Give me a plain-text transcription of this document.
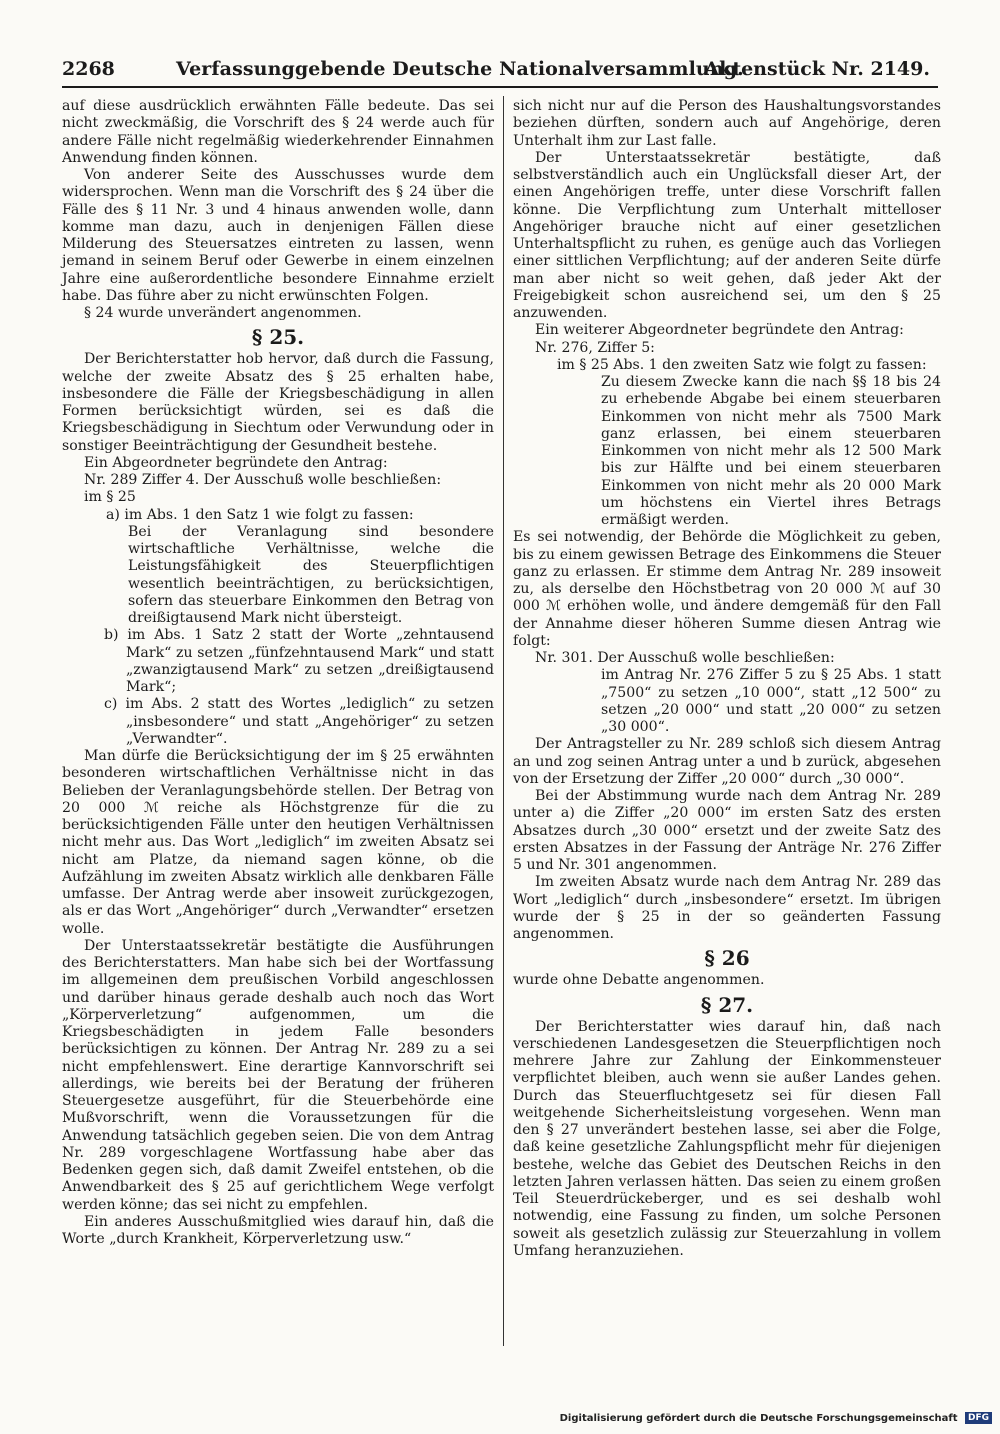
2268	Verfassunggebende Deutsche Nationalversammlung.
Aktenstück Nr. 2149.

auf diese ausdrücklich erwähnten Fälle bedeute. Das sei nicht zweckmäßig, die Vorschrift des § 24 werde auch für andere Fälle nicht regelmäßig wiederkehrender Einnahmen Anwendung finden können.

Von anderer Seite des Ausschusses wurde dem widersprochen. Wenn man die Vorschrift des § 24 über die Fälle des § 11 Nr. 3 und 4 hinaus anwenden wolle, dann komme man dazu, auch in denjenigen Fällen diese Milderung des Steuersatzes eintreten zu lassen, wenn jemand in seinem Beruf oder Gewerbe in einem einzelnen Jahre eine außerordentliche besondere Einnahme erzielt habe. Das führe aber zu nicht erwünschten Folgen.

§ 24 wurde unverändert angenommen.

§ 25.

Der Berichterstatter hob hervor, daß durch die Fassung, welche der zweite Absatz des § 25 erhalten habe, insbesondere die Fälle der Kriegsbeschädigung in allen Formen berücksichtigt würden, sei es daß die Kriegsbeschädigung in Siechtum oder Verwundung oder in sonstiger Beeinträchtigung der Gesundheit bestehe.

Ein Abgeordneter begründete den Antrag:

Nr. 289 Ziffer 4. Der Ausschuß wolle beschließen:

im § 25

a) im Abs. 1 den Satz 1 wie folgt zu fassen:

Bei der Veranlagung sind besondere wirtschaftliche Verhältnisse, welche die Leistungsfähigkeit des Steuerpflichtigen wesentlich beeinträchtigen, zu berücksichtigen, sofern das steuerbare Einkommen den Betrag von dreißigtausend Mark nicht übersteigt.

b) im Abs. 1 Satz 2 statt der Worte „zehntausend Mark“ zu setzen „fünfzehntausend Mark“ und statt „zwanzigtausend Mark“ zu setzen „dreißigtausend Mark“;

c) im Abs. 2 statt des Wortes „lediglich“ zu setzen „insbesondere“ und statt „Angehöriger“ zu setzen „Verwandter“.

Man dürfe die Berücksichtigung der im § 25 erwähnten besonderen wirtschaftlichen Verhältnisse nicht in das Belieben der Veranlagungsbehörde stellen. Der Betrag von 20 000 ℳ reiche als Höchstgrenze für die zu berücksichtigenden Fälle unter den heutigen Verhältnissen nicht mehr aus. Das Wort „lediglich“ im zweiten Absatz sei nicht am Platze, da niemand sagen könne, ob die Aufzählung im zweiten Absatz wirklich alle denkbaren Fälle umfasse. Der Antrag werde aber insoweit zurückgezogen, als er das Wort „Angehöriger“ durch „Verwandter“ ersetzen wolle.

Der Unterstaatssekretär bestätigte die Ausführungen des Berichterstatters. Man habe sich bei der Wortfassung im allgemeinen dem preußischen Vorbild angeschlossen und darüber hinaus gerade deshalb auch noch das Wort „Körperverletzung“ aufgenommen, um die Kriegsbeschädigten in jedem Falle besonders berücksichtigen zu können. Der Antrag Nr. 289 zu a sei nicht empfehlenswert. Eine derartige Kannvorschrift sei allerdings, wie bereits bei der Beratung der früheren Steuergesetze ausgeführt, für die Steuerbehörde eine Mußvorschrift, wenn die Voraussetzungen für die Anwendung tatsächlich gegeben seien. Die von dem Antrag Nr. 289 vorgeschlagene Wortfassung habe aber das Bedenken gegen sich, daß damit Zweifel entstehen, ob die Anwendbarkeit des § 25 auf gerichtlichem Wege verfolgt werden könne; das sei nicht zu empfehlen.

Ein anderes Ausschußmitglied wies darauf hin, daß die Worte „durch Krankheit, Körperverletzung usw.“

sich nicht nur auf die Person des Haushaltungsvorstandes beziehen dürften, sondern auch auf Angehörige, deren Unterhalt ihm zur Last falle.

Der Unterstaatssekretär bestätigte, daß selbstverständlich auch ein Unglücksfall dieser Art, der einen Angehörigen treffe, unter diese Vorschrift fallen könne. Die Verpflichtung zum Unterhalt mittelloser Angehöriger brauche nicht auf einer gesetzlichen Unterhaltspflicht zu ruhen, es genüge auch das Vorliegen einer sittlichen Verpflichtung; auf der anderen Seite dürfe man aber nicht so weit gehen, daß jeder Akt der Freigebigkeit schon ausreichend sei, um den § 25 anzuwenden.

Ein weiterer Abgeordneter begründete den Antrag:

Nr. 276, Ziffer 5:

im § 25 Abs. 1 den zweiten Satz wie folgt zu fassen:

Zu diesem Zwecke kann die nach §§ 18 bis 24 zu erhebende Abgabe bei einem steuerbaren Einkommen von nicht mehr als 7500 Mark ganz erlassen, bei einem steuerbaren Einkommen von nicht mehr als 12 500 Mark bis zur Hälfte und bei einem steuerbaren Einkommen von nicht mehr als 20 000 Mark um höchstens ein Viertel ihres Betrags ermäßigt werden.

Es sei notwendig, der Behörde die Möglichkeit zu geben, bis zu einem gewissen Betrage des Einkommens die Steuer ganz zu erlassen. Er stimme dem Antrag Nr. 289 insoweit zu, als derselbe den Höchstbetrag von 20 000 ℳ auf 30 000 ℳ erhöhen wolle, und ändere demgemäß für den Fall der Annahme dieser höheren Summe diesen Antrag wie folgt:

Nr. 301. Der Ausschuß wolle beschließen:

im Antrag Nr. 276 Ziffer 5 zu § 25 Abs. 1 statt „7500“ zu setzen „10 000“, statt „12 500“ zu setzen „20 000“ und statt „20 000“ zu setzen „30 000“.

Der Antragsteller zu Nr. 289 schloß sich diesem Antrag an und zog seinen Antrag unter a und b zurück, abgesehen von der Ersetzung der Ziffer „20 000“ durch „30 000“.

Bei der Abstimmung wurde nach dem Antrag Nr. 289 unter a) die Ziffer „20 000“ im ersten Satz des ersten Absatzes durch „30 000“ ersetzt und der zweite Satz des ersten Absatzes in der Fassung der Anträge Nr. 276 Ziffer 5 und Nr. 301 angenommen.

Im zweiten Absatz wurde nach dem Antrag Nr. 289 das Wort „lediglich“ durch „insbesondere“ ersetzt. Im übrigen wurde der § 25 in der so geänderten Fassung angenommen.

§ 26

wurde ohne Debatte angenommen.

§ 27.

Der Berichterstatter wies darauf hin, daß nach verschiedenen Landesgesetzen die Steuerpflichtigen noch mehrere Jahre zur Zahlung der Einkommensteuer verpflichtet bleiben, auch wenn sie außer Landes gehen. Durch das Steuerfluchtgesetz sei für diesen Fall weitgehende Sicherheitsleistung vorgesehen. Wenn man den § 27 unverändert bestehen lasse, sei aber die Folge, daß keine gesetzliche Zahlungspflicht mehr für diejenigen bestehe, welche das Gebiet des Deutschen Reichs in den letzten Jahren verlassen hätten. Das seien zu einem großen Teil Steuerdrückeberger, und es sei deshalb wohl notwendig, eine Fassung zu finden, um solche Personen soweit als gesetzlich zulässig zur Steuerzahlung in vollem Umfang heranzuziehen.

Digitalisierung gefördert durch die Deutsche Forschungsgemeinschaft DFG
